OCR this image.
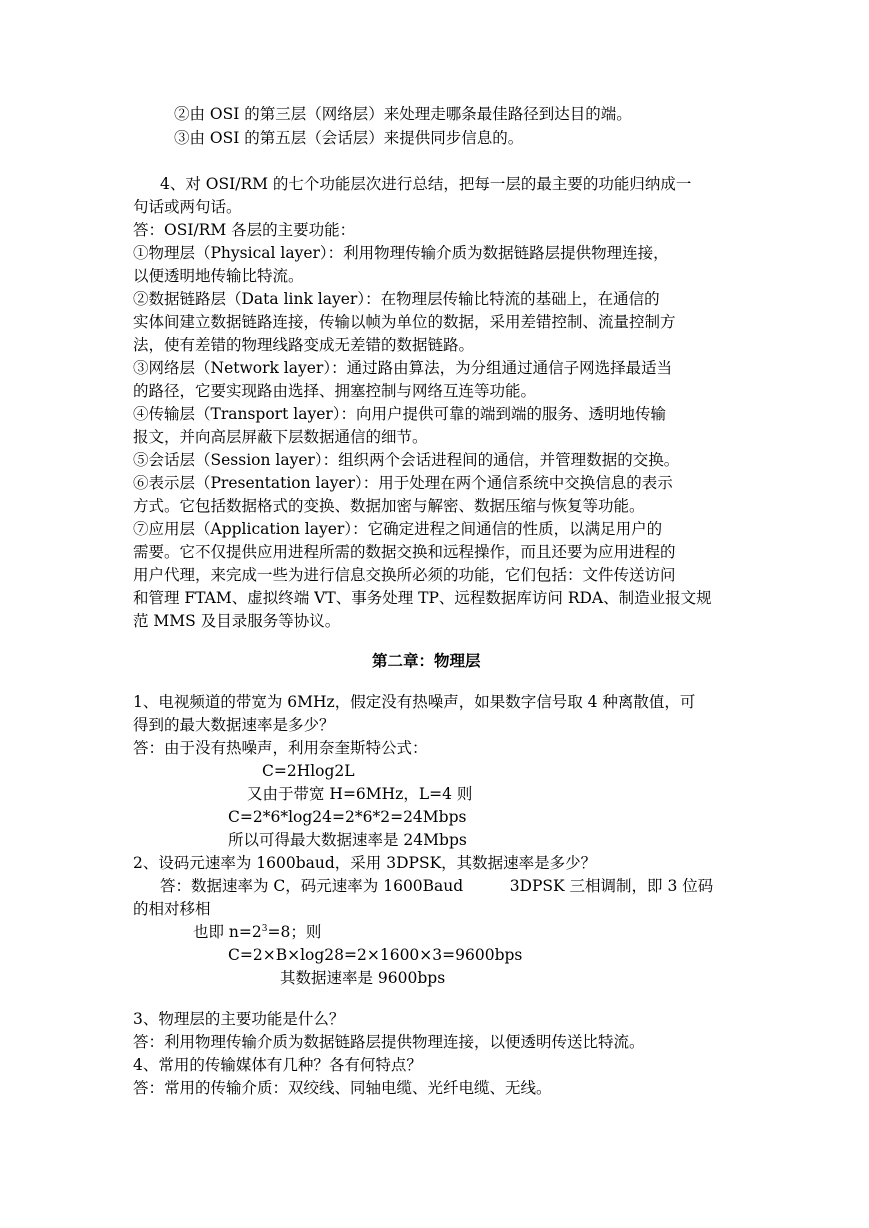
②由 OSI 的第三层（网络层）来处理走哪条最佳路径到达目的端。
③由 OSI 的第五层（会话层）来提供同步信息的。
4、对 OSI/RM 的七个功能层次进行总结，把每一层的最主要的功能归纳成一
句话或两句话。
答：OSI/RM 各层的主要功能：
①物理层（Physical layer）：利用物理传输介质为数据链路层提供物理连接，
以便透明地传输比特流。
②数据链路层（Data link layer）：在物理层传输比特流的基础上，在通信的
实体间建立数据链路连接，传输以帧为单位的数据，采用差错控制、流量控制方
法，使有差错的物理线路变成无差错的数据链路。
③网络层（Network layer）：通过路由算法，为分组通过通信子网选择最适当
的路径，它要实现路由选择、拥塞控制与网络互连等功能。
④传输层（Transport layer）：向用户提供可靠的端到端的服务、透明地传输
报文，并向高层屏蔽下层数据通信的细节。
⑤会话层（Session layer）：组织两个会话进程间的通信，并管理数据的交换。
⑥表示层（Presentation layer）：用于处理在两个通信系统中交换信息的表示
方式。它包括数据格式的变换、数据加密与解密、数据压缩与恢复等功能。
⑦应用层（Application layer）：它确定进程之间通信的性质，以满足用户的
需要。它不仅提供应用进程所需的数据交换和远程操作，而且还要为应用进程的
用户代理，来完成一些为进行信息交换所必须的功能，它们包括：文件传送访问
和管理 FTAM、虚拟终端 VT、事务处理 TP、远程数据库访问 RDA、制造业报文规
范 MMS 及目录服务等协议。
第二章：物理层
1、电视频道的带宽为 6MHz，假定没有热噪声，如果数字信号取 4 种离散值，可
得到的最大数据速率是多少？
答：由于没有热噪声，利用奈奎斯特公式：
C=2Hlog2L
又由于带宽 H=6MHz，L=4 则
C=2*6*log24=2*6*2=24Mbps
所以可得最大数据速率是 24Mbps
2、设码元速率为 1600baud，采用 3DPSK，其数据速率是多少？
答：数据速率为 C，码元速率为 1600Baud　　　3DPSK 三相调制，即 3 位码
的相对移相
也即 $n=2^3=8$；则
C=2×B×log28=2×1600×3=9600bps
其数据速率是 9600bps
3、物理层的主要功能是什么？
答：利用物理传输介质为数据链路层提供物理连接，以便透明传送比特流。
4、常用的传输媒体有几种？各有何特点？
答：常用的传输介质：双绞线、同轴电缆、光纤电缆、无线。
